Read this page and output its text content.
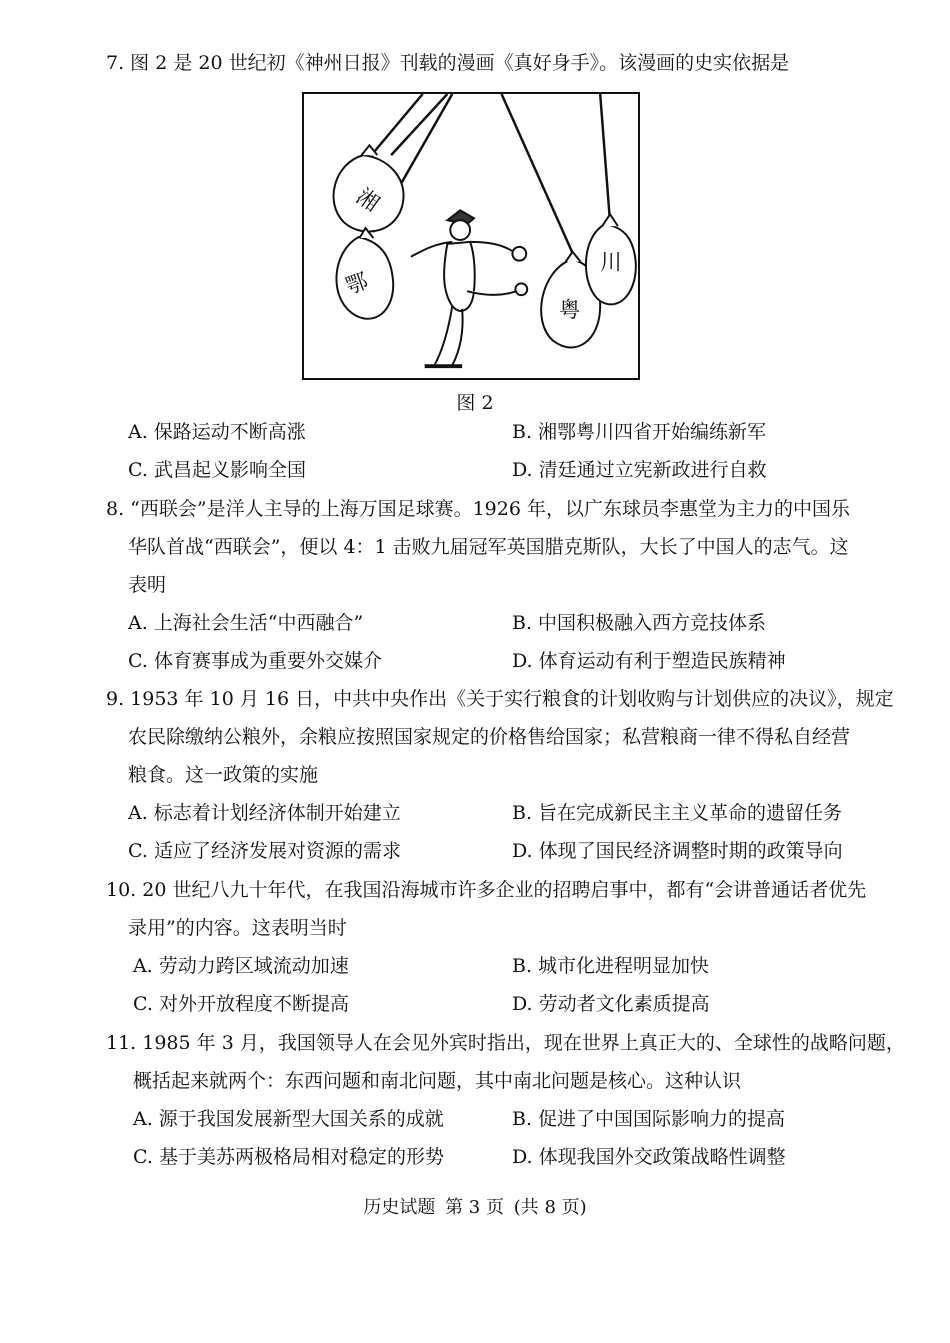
7. 图 2 是 20 世纪初《神州日报》刊载的漫画《真好身手》。该漫画的史实依据是
湘
鄂
粤
川
图 2
A. 保路运动不断高涨	B. 湘鄂粤川四省开始编练新军
C. 武昌起义影响全国	D. 清廷通过立宪新政进行自救
8. “西联会”是洋人主导的上海万国足球赛。1926 年，以广东球员李惠堂为主力的中国乐
华队首战“西联会”，便以 4：1 击败九届冠军英国腊克斯队，大长了中国人的志气。这
表明
A. 上海社会生活“中西融合”	B. 中国积极融入西方竞技体系
C. 体育赛事成为重要外交媒介	D. 体育运动有利于塑造民族精神
9. 1953 年 10 月 16 日，中共中央作出《关于实行粮食的计划收购与计划供应的决议》，规定
农民除缴纳公粮外，余粮应按照国家规定的价格售给国家；私营粮商一律不得私自经营
粮食。这一政策的实施
A. 标志着计划经济体制开始建立	B. 旨在完成新民主主义革命的遗留任务
C. 适应了经济发展对资源的需求	D. 体现了国民经济调整时期的政策导向
10. 20 世纪八九十年代，在我国沿海城市许多企业的招聘启事中，都有“会讲普通话者优先
录用”的内容。这表明当时
A. 劳动力跨区域流动加速	B. 城市化进程明显加快
C. 对外开放程度不断提高	D. 劳动者文化素质提高
11. 1985 年 3 月，我国领导人在会见外宾时指出，现在世界上真正大的、全球性的战略问题，
概括起来就两个：东西问题和南北问题，其中南北问题是核心。这种认识
A. 源于我国发展新型大国关系的成就	B. 促进了中国国际影响力的提高
C. 基于美苏两极格局相对稳定的形势	D. 体现我国外交政策战略性调整
历史试题 第 3 页 (共 8 页)
